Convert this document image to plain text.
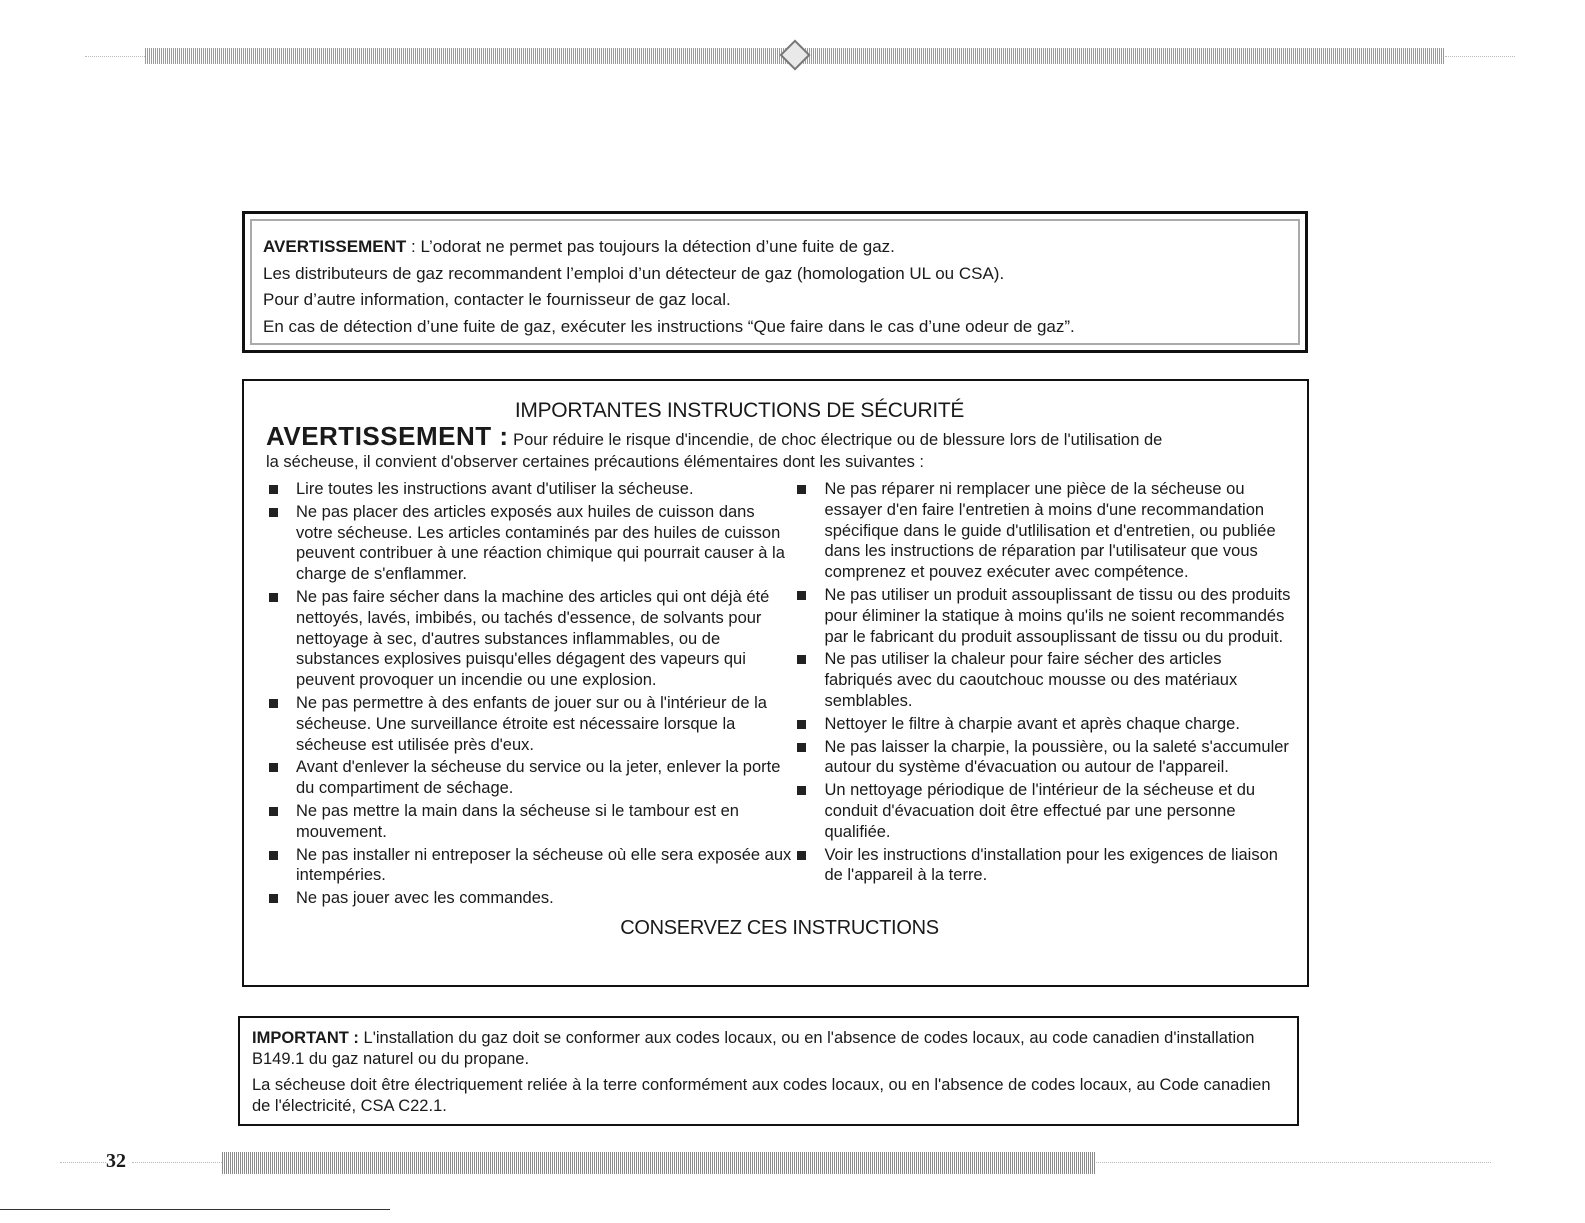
AVERTISSEMENT : L’odorat ne permet pas toujours la détection d’une fuite de gaz.

Les distributeurs de gaz recommandent l’emploi d’un détecteur de gaz (homologation UL ou CSA).

Pour d’autre information, contacter le fournisseur de gaz local.

En cas de détection d’une fuite de gaz, exécuter les instructions “Que faire dans le cas d’une odeur de gaz”.

IMPORTANTES INSTRUCTIONS DE SÉCURITÉ
AVERTISSEMENT : Pour réduire le risque d'incendie, de choc électrique ou de blessure lors de l'utilisation de
la sécheuse, il convient d'observer certaines précautions élémentaires dont les suivantes :
Lire toutes les instructions avant d'utiliser la sécheuse.
Ne pas placer des articles exposés aux huiles de cuisson dans votre sécheuse. Les articles contaminés par des huiles de cuisson peuvent contribuer à une réaction chimique qui pourrait causer à la charge de s'enflammer.
Ne pas faire sécher dans la machine des articles qui ont déjà été nettoyés, lavés, imbibés, ou tachés d'essence, de solvants pour nettoyage à sec, d'autres substances inflammables, ou de substances explosives puisqu'elles dégagent des vapeurs qui peuvent provoquer un incendie ou une explosion.
Ne pas permettre à des enfants de jouer sur ou à l'intérieur de la sécheuse. Une surveillance étroite est nécessaire lorsque la sécheuse est utilisée près d'eux.
Avant d'enlever la sécheuse du service ou la jeter, enlever la porte du compartiment de séchage.
Ne pas mettre la main dans la sécheuse si le tambour est en mouvement.
Ne pas installer ni entreposer la sécheuse où elle sera exposée aux intempéries.
Ne pas jouer avec les commandes.
Ne pas réparer ni remplacer une pièce de la sécheuse ou essayer d'en faire l'entretien à moins d'une recommandation spécifique dans le guide d'utlilisation et d'entretien, ou publiée dans les instructions de réparation par l'utilisateur que vous comprenez et pouvez exécuter avec compétence.
Ne pas utiliser un produit assouplissant de tissu ou des produits pour éliminer la statique à moins qu'ils ne soient recommandés par le fabricant du produit assouplissant de tissu ou du produit.
Ne pas utiliser la chaleur pour faire sécher des articles fabriqués avec du caoutchouc mousse ou des matériaux semblables.
Nettoyer le filtre à charpie avant et après chaque charge.
Ne pas laisser la charpie, la poussière, ou la saleté s'accumuler autour du système d'évacuation ou autour de l'appareil.
Un nettoyage périodique de l'intérieur de la sécheuse et du conduit d'évacuation doit être effectué par une personne qualifiée.
Voir les instructions d'installation pour les exigences de liaison de l'appareil à la terre.
CONSERVEZ CES INSTRUCTIONS

IMPORTANT : L'installation du gaz doit se conformer aux codes locaux, ou en l'absence de codes locaux, au code canadien d'installation B149.1 du gaz naturel ou du propane.

La sécheuse doit être électriquement reliée à la terre conformément aux codes locaux, ou en l'absence de codes locaux, au Code canadien de l'électricité, CSA C22.1.

32
